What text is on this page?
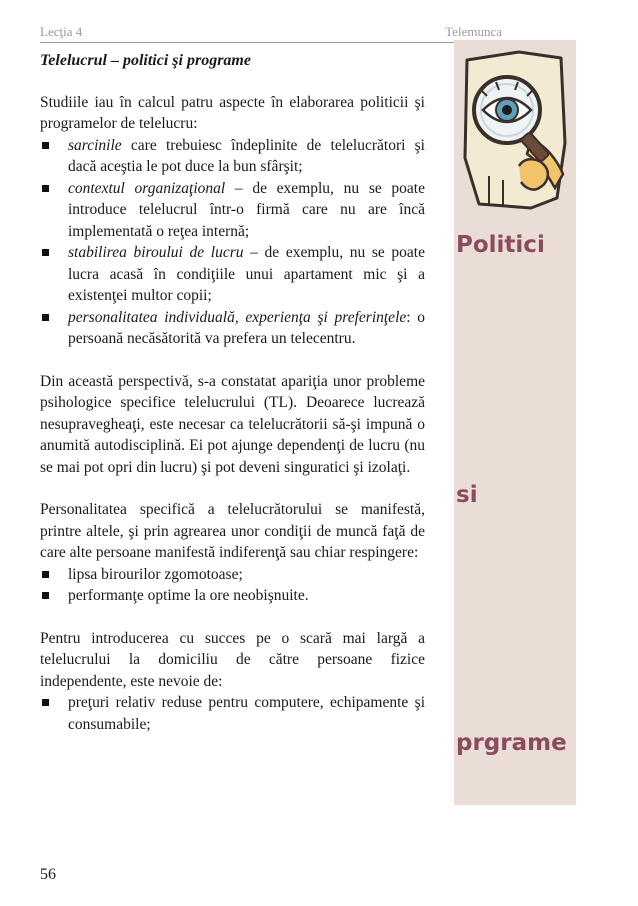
Lecţia 4	Telemunca

Telelucrul – politici şi programe

Studiile iau în calcul patru aspecte în elaborarea politicii şi programelor de telelucru:

sarcinile care trebuiesc îndeplinite de telelucrători şi dacă aceştia le pot duce la bun sfârşit;
contextul organizaţional – de exemplu, nu se poate introduce telelucrul într-o firmă care nu are încă implementată o reţea internă;
stabilirea biroului de lucru – de exemplu, nu se poate lucra acasă în condiţiile unui apartament mic şi a existenţei multor copii;
personalitatea individuală, experienţa şi preferinţele: o persoană necăsătorită va prefera un telecentru.

Din această perspectivă, s-a constatat apariţia unor probleme psihologice specifice telelucrului (TL). Deoarece lucrează nesupravegheaţi, este necesar ca telelucrătorii să-şi impună o anumită autodisciplină. Ei pot ajunge dependenţi de lucru (nu se mai pot opri din lucru) şi pot deveni singuratici şi izolaţi.

Personalitatea specifică a telelucrătorului se manifestă, printre altele, şi prin agrearea unor condiţii de muncă faţă de care alte persoane manifestă indiferenţă sau chiar respingere:

lipsa birourilor zgomotoase;
performanţe optime la ore neobişnuite.

Pentru introducerea cu succes pe o scară mai largă a telelucrului la domiciliu de către persoane fizice independente, este nevoie de:

preţuri relativ reduse pentru computere, echipamente şi consumabile;
Politici
si
prgrame
56
